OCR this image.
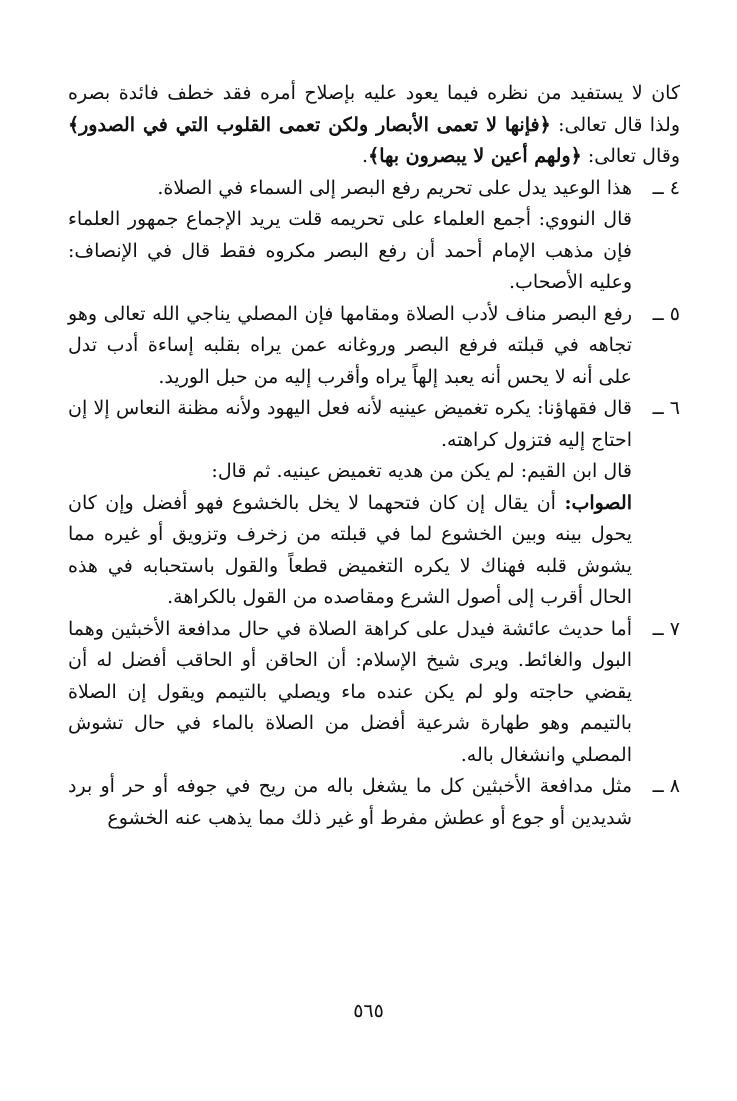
كان لا يستفيد من نظره فيما يعود عليه بإصلاح أمره فقد خطف فائدة بصره ولذا قال تعالى: ﴿فإنها لا تعمى الأبصار ولكن تعمى القلوب التي في الصدور﴾ وقال تعالى: ﴿ولهم أعين لا يبصرون بها﴾.

٤ ــ

هذا الوعيد يدل على تحريم رفع البصر إلى السماء في الصلاة.

قال النووي: أجمع العلماء على تحريمه قلت يريد الإجماع جمهور العلماء فإن مذهب الإمام أحمد أن رفع البصر مكروه فقط قال في الإنصاف: وعليه الأصحاب.

٥ ــ

رفع البصر مناف لأدب الصلاة ومقامها فإن المصلي يناجي الله تعالى وهو تجاهه في قبلته فرفع البصر وروغانه عمن يراه بقلبه إساءة أدب تدل على أنه لا يحس أنه يعبد إلهاً يراه وأقرب إليه من حبل الوريد.

٦ ــ

قال فقهاؤنا: يكره تغميض عينيه لأنه فعل اليهود ولأنه مظنة النعاس إلا إن احتاج إليه فتزول كراهته.

قال ابن القيم: لم يكن من هديه تغميض عينيه. ثم قال:

الصواب: أن يقال إن كان فتحهما لا يخل بالخشوع فهو أفضل وإن كان يحول بينه وبين الخشوع لما في قبلته من زخرف وتزويق أو غيره مما يشوش قلبه فهناك لا يكره التغميض قطعاً والقول باستحبابه في هذه الحال أقرب إلى أصول الشرع ومقاصده من القول بالكراهة.

٧ ــ

أما حديث عائشة فيدل على كراهة الصلاة في حال مدافعة الأخبثين وهما البول والغائط. ويرى شيخ الإسلام: أن الحاقن أو الحاقب أفضل له أن يقضي حاجته ولو لم يكن عنده ماء ويصلي بالتيمم ويقول إن الصلاة بالتيمم وهو طهارة شرعية أفضل من الصلاة بالماء في حال تشوش المصلي وانشغال باله.

٨ ــ

مثل مدافعة الأخبثين كل ما يشغل باله من ريح في جوفه أو حر أو برد شديدين أو جوع أو عطش مفرط أو غير ذلك مما يذهب عنه الخشوع

٥٦٥
